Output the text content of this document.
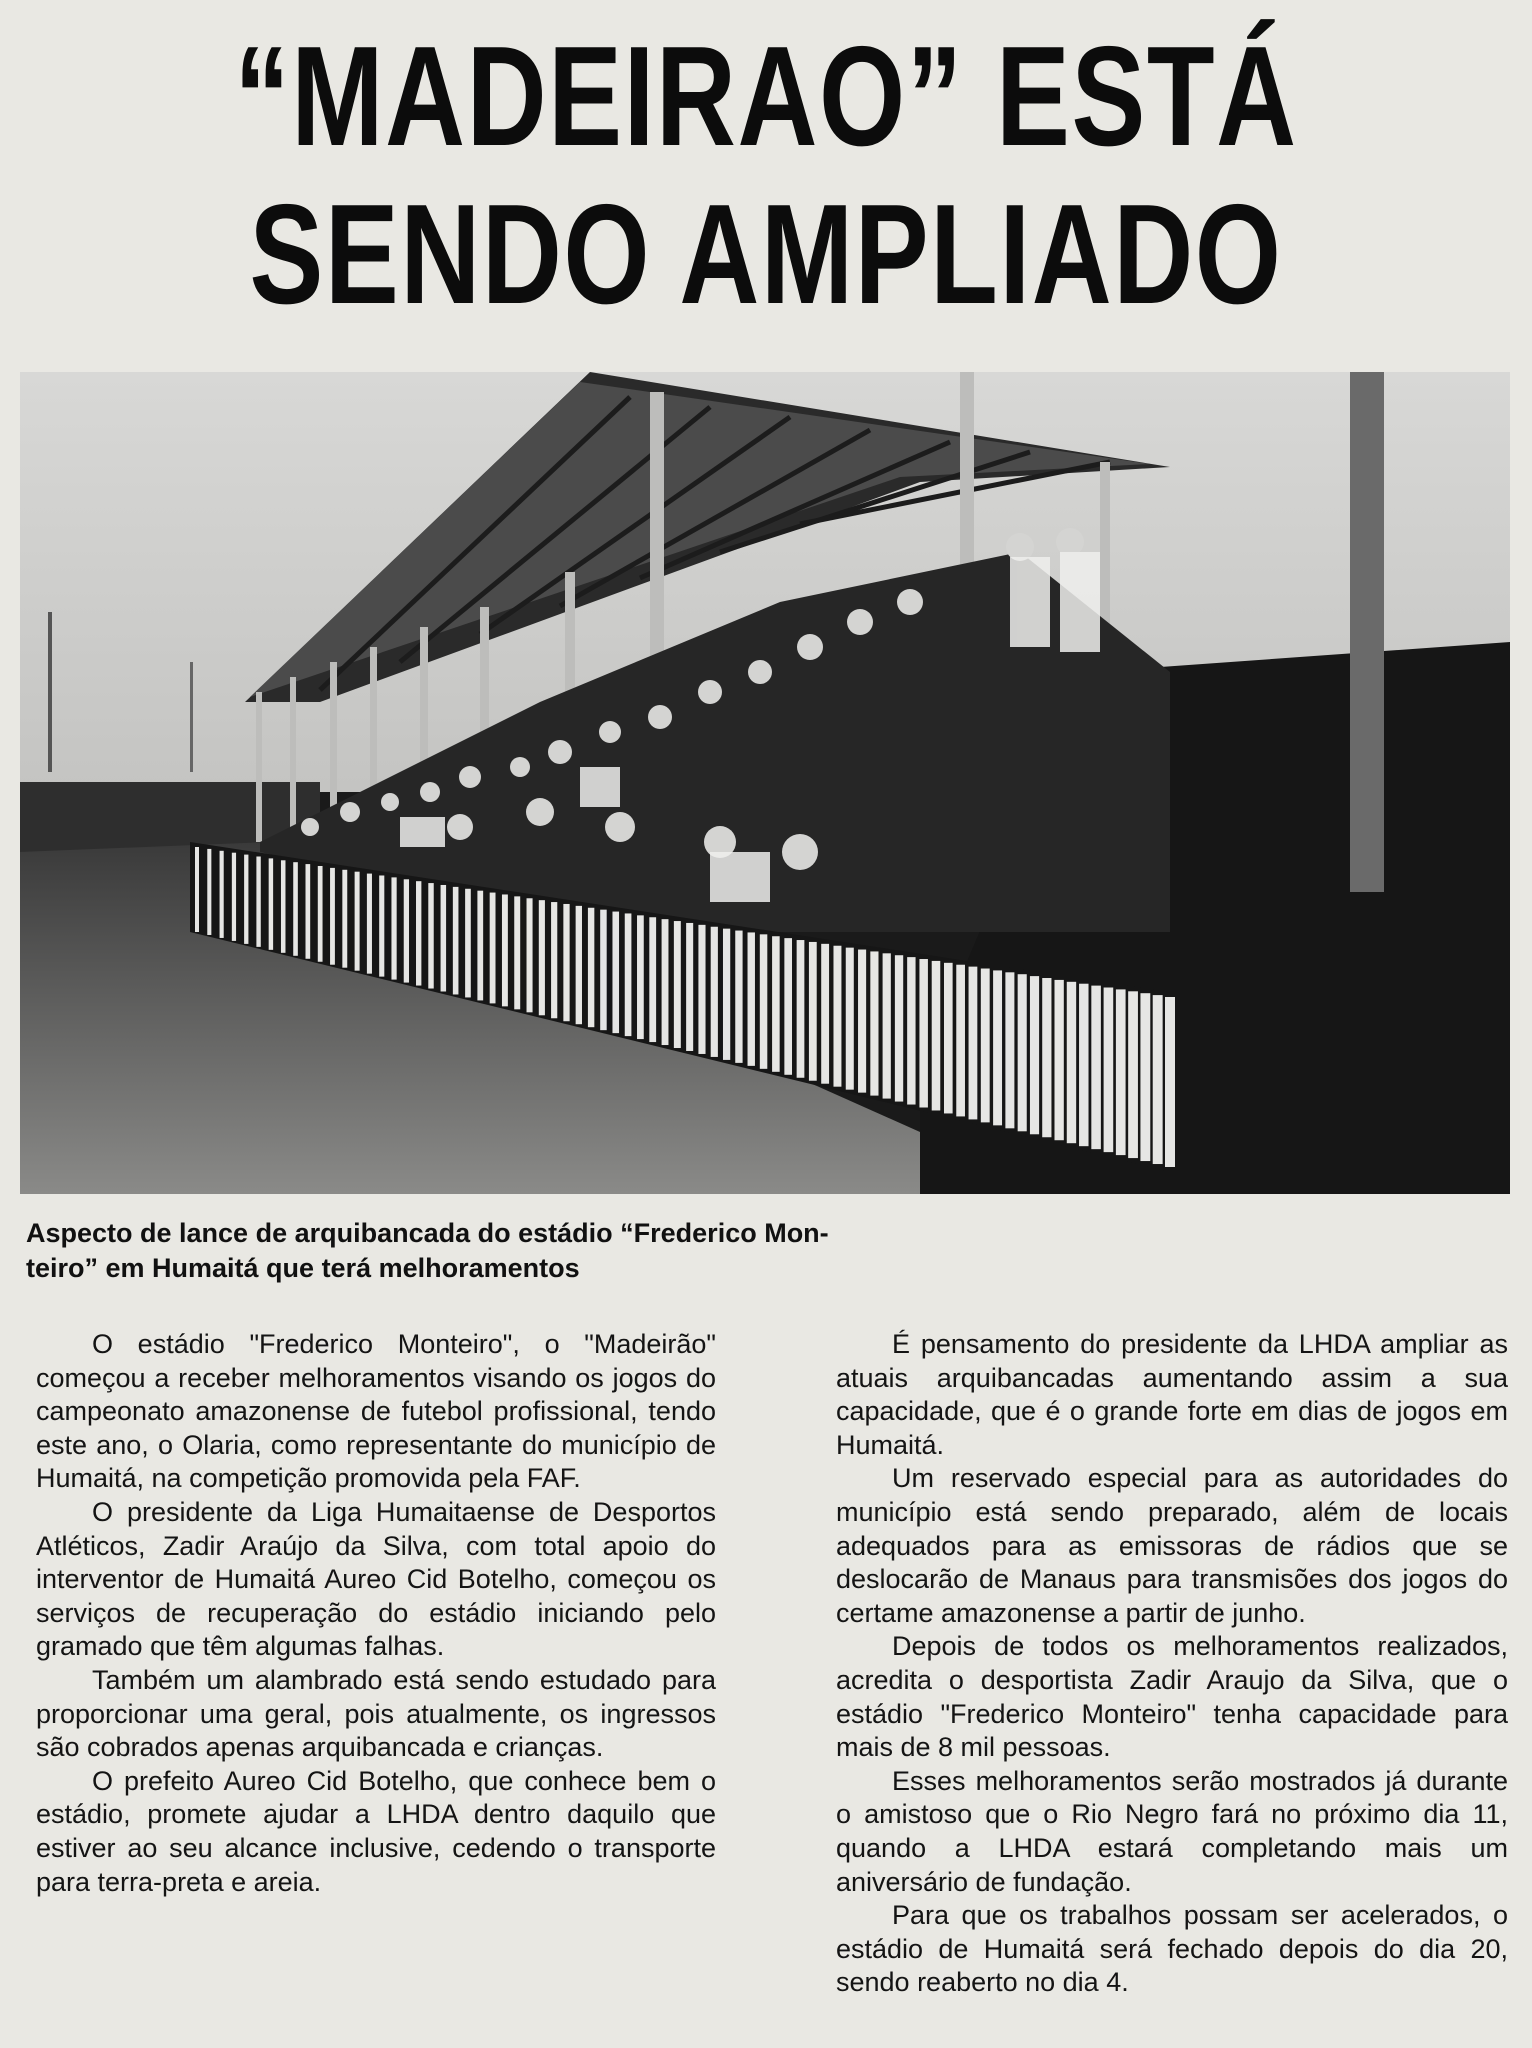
“MADEIRAO” ESTÁ
SENDO AMPLIADO
Aspecto de lance de arquibancada do estádio “Frederico Mon-
teiro” em Humaitá que terá melhoramentos

O estádio "Frederico Monteiro", o "Madeirão" começou a receber melhoramentos visando os jogos do campeonato amazonense de futebol profissional, tendo este ano, o Olaria, como representante do município de Humaitá, na competição promovida pela FAF.

O presidente da Liga Humaitaense de Desportos Atléticos, Zadir Araújo da Silva, com total apoio do interventor de Humaitá Aureo Cid Botelho, começou os serviços de recuperação do estádio iniciando pelo gramado que têm algumas falhas.

Também um alambrado está sendo estudado para proporcionar uma geral, pois atualmente, os ingressos são cobrados apenas arquibancada e crianças.

O prefeito Aureo Cid Botelho, que conhece bem o estádio, promete ajudar a LHDA dentro daquilo que estiver ao seu alcance inclusive, cedendo o transporte para terra-preta e areia.

É pensamento do presidente da LHDA ampliar as atuais arquibancadas aumentando assim a sua capacidade, que é o grande forte em dias de jogos em Humaitá.

Um reservado especial para as autoridades do município está sendo preparado, além de locais adequados para as emissoras de rádios que se deslocarão de Manaus para transmisões dos jogos do certame amazonense a partir de junho.

Depois de todos os melhoramentos realizados, acredita o desportista Zadir Araujo da Silva, que o estádio "Frederico Monteiro" tenha capacidade para mais de 8 mil pessoas.

Esses melhoramentos serão mostrados já durante o amistoso que o Rio Negro fará no próximo dia 11, quando a LHDA estará completando mais um aniversário de fundação.

Para que os trabalhos possam ser acelerados, o estádio de Humaitá será fechado depois do dia 20, sendo reaberto no dia 4.
